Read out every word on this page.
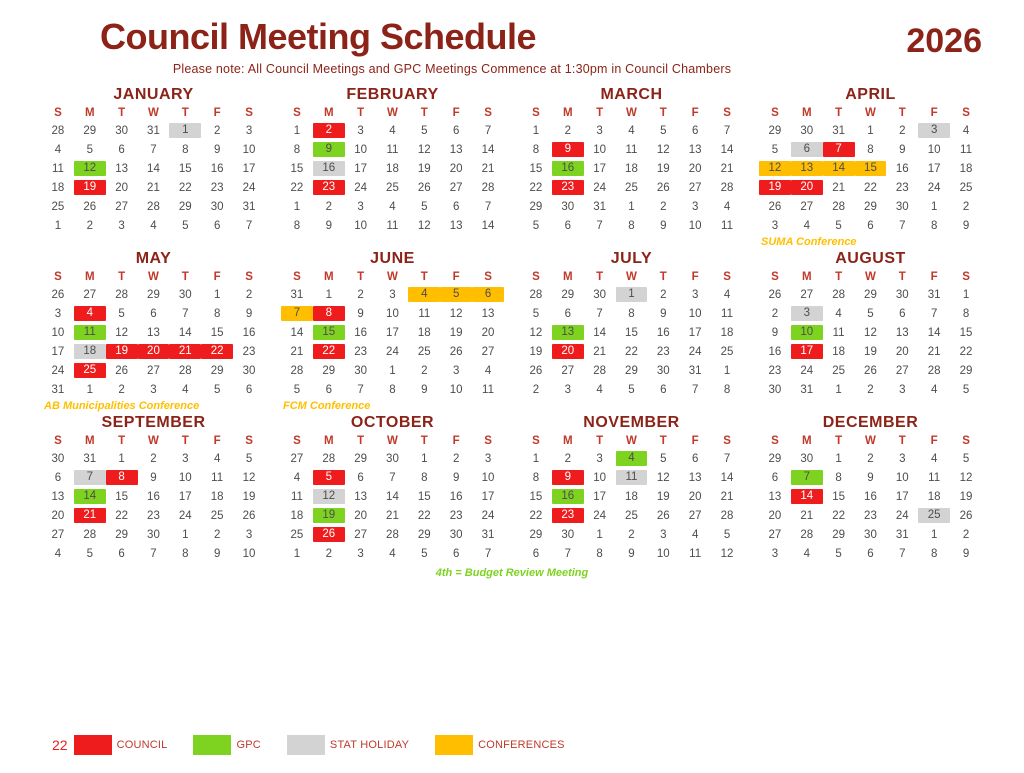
Council Meeting Schedule	2026
Please note: All Council Meetings and GPC Meetings Commence at 1:30pm in Council Chambers
JANUARY
S	M	T	W	T	F	S
28	29	30	31	1	2	3
4	5	6	7	8	9	10
11	12	13	14	15	16	17
18	19	20	21	22	23	24
25	26	27	28	29	30	31
1	2	3	4	5	6	7
FEBRUARY
S	M	T	W	T	F	S
1	2	3	4	5	6	7
8	9	10	11	12	13	14
15	16	17	18	19	20	21
22	23	24	25	26	27	28
1	2	3	4	5	6	7
8	9	10	11	12	13	14
MARCH
S	M	T	W	T	F	S
1	2	3	4	5	6	7
8	9	10	11	12	13	14
15	16	17	18	19	20	21
22	23	24	25	26	27	28
29	30	31	1	2	3	4
5	6	7	8	9	10	11
APRIL
S	M	T	W	T	F	S
29	30	31	1	2	3	4
5	6	7	8	9	10	11

12	13	14	15	16	17	18

19	20	21	22	23	24	25
26	27	28	29	30	1	2
3	4	5	6	7	8	9
SUMA Conference
MAY
S	M	T	W	T	F	S
26	27	28	29	30	1	2
3	4	5	6	7	8	9
10	11	12	13	14	15	16
17	18	19	20	21	22	23
24	25	26	27	28	29	30
31	1	2	3	4	5	6
AB Municipalities Conference
JUNE
S	M	T	W	T	F	S
31	1	2	3	4	5	6

7	8	9	10	11	12	13
14	15	16	17	18	19	20
21	22	23	24	25	26	27
28	29	30	1	2	3	4
5	6	7	8	9	10	11
FCM Conference
JULY
S	M	T	W	T	F	S
28	29	30	1	2	3	4
5	6	7	8	9	10	11
12	13	14	15	16	17	18
19	20	21	22	23	24	25
26	27	28	29	30	31	1
2	3	4	5	6	7	8
AUGUST
S	M	T	W	T	F	S
26	27	28	29	30	31	1
2	3	4	5	6	7	8
9	10	11	12	13	14	15
16	17	18	19	20	21	22
23	24	25	26	27	28	29
30	31	1	2	3	4	5
SEPTEMBER
S	M	T	W	T	F	S
30	31	1	2	3	4	5
6	7	8	9	10	11	12
13	14	15	16	17	18	19
20	21	22	23	24	25	26
27	28	29	30	1	2	3
4	5	6	7	8	9	10
OCTOBER
S	M	T	W	T	F	S
27	28	29	30	1	2	3
4	5	6	7	8	9	10
11	12	13	14	15	16	17
18	19	20	21	22	23	24
25	26	27	28	29	30	31
1	2	3	4	5	6	7
NOVEMBER
S	M	T	W	T	F	S
1	2	3	4	5	6	7
8	9	10	11	12	13	14
15	16	17	18	19	20	21
22	23	24	25	26	27	28
29	30	1	2	3	4	5
6	7	8	9	10	11	12
DECEMBER
S	M	T	W	T	F	S
29	30	1	2	3	4	5
6	7	8	9	10	11	12
13	14	15	16	17	18	19
20	21	22	23	24	25	26
27	28	29	30	31	1	2
3	4	5	6	7	8	9
4th = Budget Review Meeting
22	COUNCIL	GPC	STAT HOLIDAY	CONFERENCES
